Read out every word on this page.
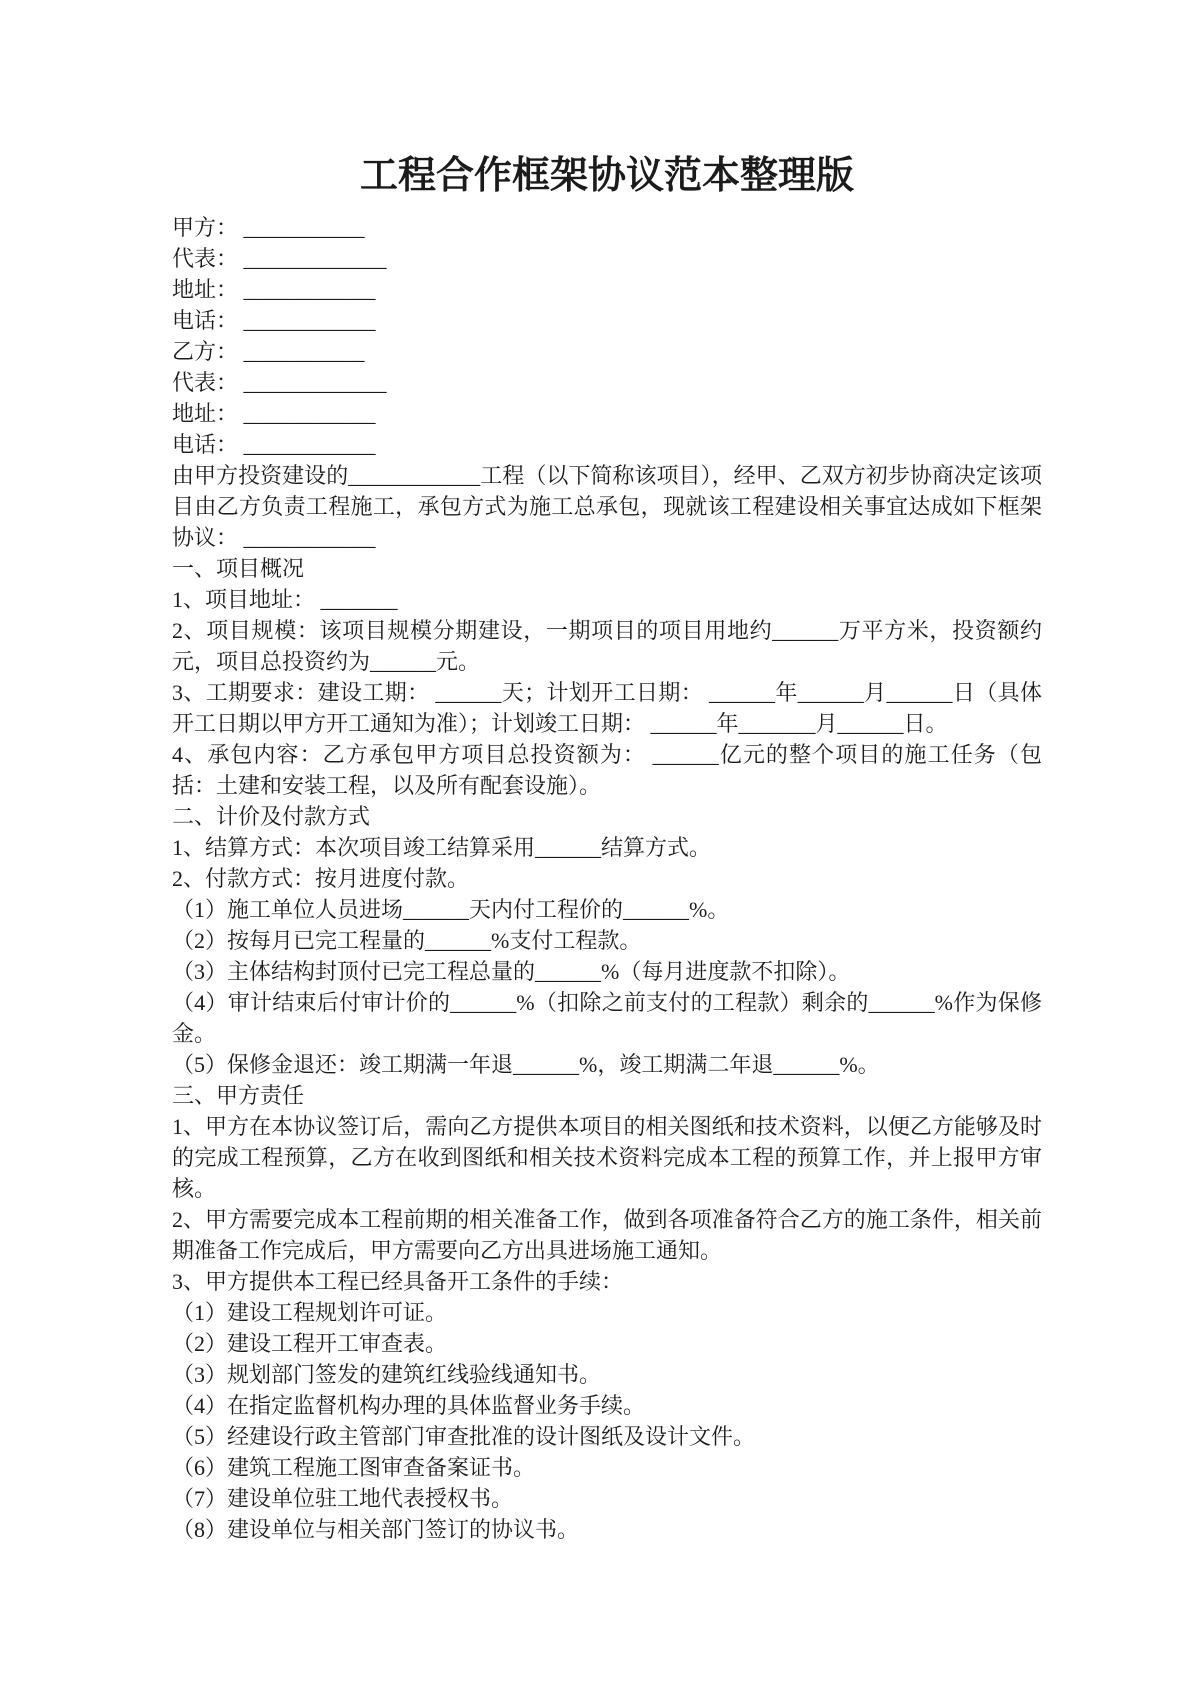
工程合作框架协议范本整理版

甲方： ___________

代表： _____________

地址： ____________

电话： ____________

乙方： ___________

代表： _____________

地址： ____________

电话： ____________

由甲方投资建设的____________工程（以下简称该项目），经甲、乙双方初步协商决定该项目由乙方负责工程施工，承包方式为施工总承包，现就该工程建设相关事宜达成如下框架协议： ____________

一、项目概况

1、项目地址： _______

2、项目规模：该项目规模分期建设，一期项目的项目用地约______万平方米，投资额约元，项目总投资约为______元。

3、工期要求：建设工期： ______天；计划开工日期： ______年______月______日（具体开工日期以甲方开工通知为准）；计划竣工日期： ______年_______月______日。

4、承包内容：乙方承包甲方项目总投资额为： ______亿元的整个项目的施工任务（包括：土建和安装工程，以及所有配套设施）。

二、计价及付款方式

1、结算方式：本次项目竣工结算采用______结算方式。

2、付款方式：按月进度付款。

（1）施工单位人员进场______天内付工程价的______%。

（2）按每月已完工程量的______%支付工程款。

（3）主体结构封顶付已完工程总量的______%（每月进度款不扣除）。

（4）审计结束后付审计价的______%（扣除之前支付的工程款）剩余的______%作为保修金。

（5）保修金退还：竣工期满一年退______%，竣工期满二年退______%。

三、甲方责任

1、甲方在本协议签订后，需向乙方提供本项目的相关图纸和技术资料，以便乙方能够及时的完成工程预算，乙方在收到图纸和相关技术资料完成本工程的预算工作，并上报甲方审核。

2、甲方需要完成本工程前期的相关准备工作，做到各项准备符合乙方的施工条件，相关前期准备工作完成后，甲方需要向乙方出具进场施工通知。

3、甲方提供本工程已经具备开工条件的手续：

（1）建设工程规划许可证。

（2）建设工程开工审查表。

（3）规划部门签发的建筑红线验线通知书。

（4）在指定监督机构办理的具体监督业务手续。

（5）经建设行政主管部门审查批准的设计图纸及设计文件。

（6）建筑工程施工图审查备案证书。

（7）建设单位驻工地代表授权书。

（8）建设单位与相关部门签订的协议书。
